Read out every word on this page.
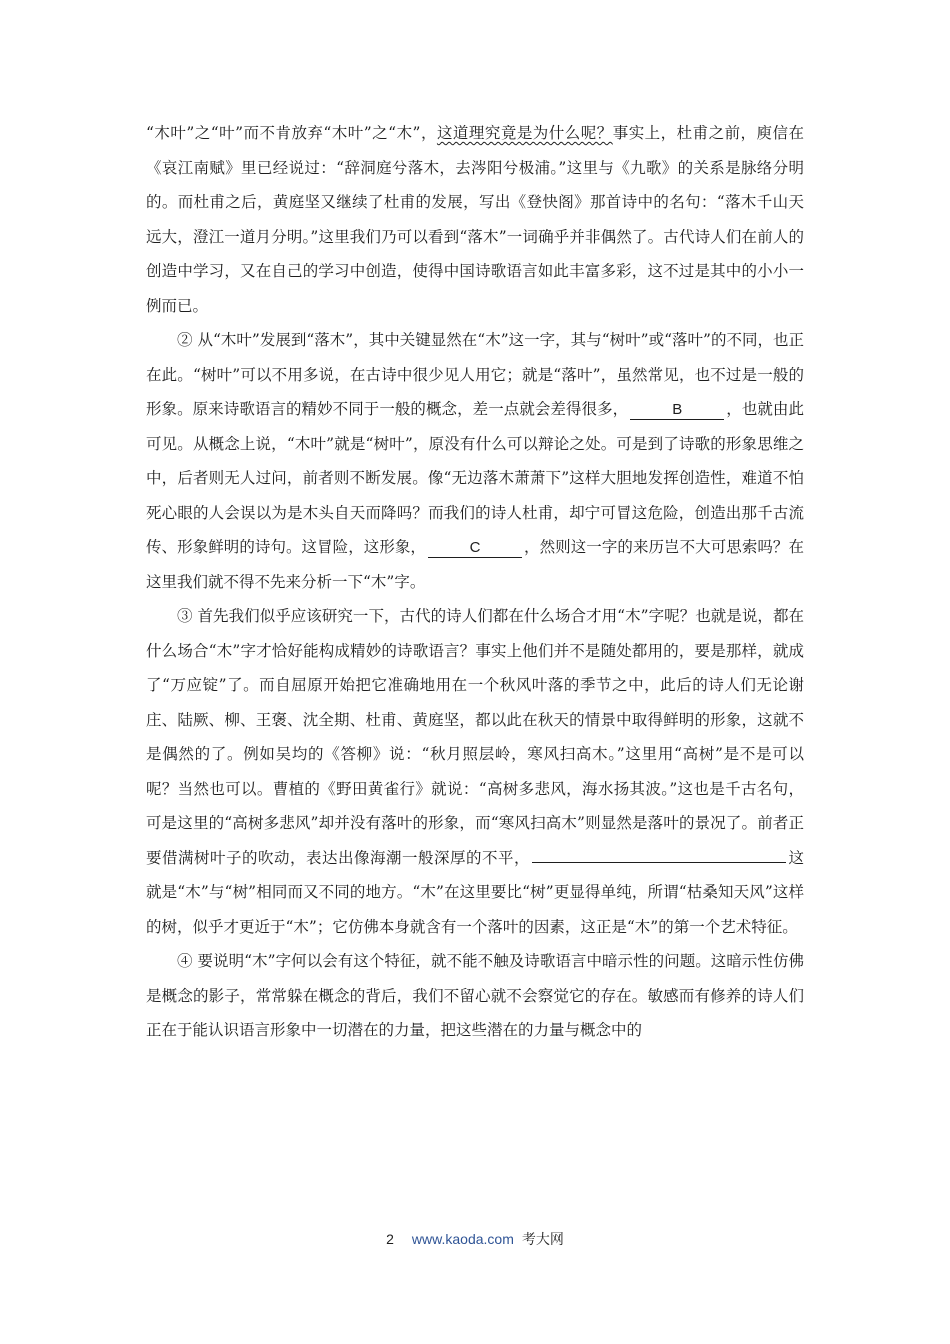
“木叶”之“叶”而不肯放弃“木叶”之“木”，这道理究竟是为什么呢？事实上，杜甫之前，庾信在《哀江南赋》里已经说过：“辞洞庭兮落木，去涔阳兮极浦。”这里与《九歌》的关系是脉络分明的。而杜甫之后，黄庭坚又继续了杜甫的发展，写出《登快阁》那首诗中的名句：“落木千山天远大，澄江一道月分明。”这里我们乃可以看到“落木”一词确乎并非偶然了。古代诗人们在前人的创造中学习，又在自己的学习中创造，使得中国诗歌语言如此丰富多彩，这不过是其中的小小一例而已。

② 从“木叶”发展到“落木”，其中关键显然在“木”这一字，其与“树叶”或“落叶”的不同，也正在此。“树叶”可以不用多说，在古诗中很少见人用它；就是“落叶”，虽然常见，也不过是一般的形象。原来诗歌语言的精妙不同于一般的概念，差一点就会差得很多，	B	，也就由此可见。从概念上说，“木叶”就是“树叶”，原没有什么可以辩论之处。可是到了诗歌的形象思维之中，后者则无人过问，前者则不断发展。像“无边落木萧萧下”这样大胆地发挥创造性，难道不怕死心眼的人会误以为是木头自天而降吗？而我们的诗人杜甫，却宁可冒这危险，创造出那千古流传、形象鲜明的诗句。这冒险，这形象，	C	，然则这一字的来历岂不大可思索吗？在这里我们就不得不先来分析一下“木”字。

③ 首先我们似乎应该研究一下，古代的诗人们都在什么场合才用“木”字呢？也就是说，都在什么场合“木”字才恰好能构成精妙的诗歌语言？事实上他们并不是随处都用的，要是那样，就成了“万应锭”了。而自屈原开始把它准确地用在一个秋风叶落的季节之中，此后的诗人们无论谢庄、陆厥、柳、王褒、沈全期、杜甫、黄庭坚，都以此在秋天的情景中取得鲜明的形象，这就不是偶然的了。例如吴均的《答柳》说：“秋月照层岭，寒风扫高木。”这里用“高树”是不是可以呢？当然也可以。曹植的《野田黄雀行》就说：“高树多悲风，海水扬其波。”这也是千古名句，可是这里的“高树多悲风”却并没有落叶的形象，而“寒风扫高木”则显然是落叶的景况了。前者正要借满树叶子的吹动，表达出像海潮一般深厚的不平，	这就是“木”与“树”相同而又不同的地方。“木”在这里要比“树”更显得单纯，所谓“枯桑知天风”这样的树，似乎才更近于“木”；它仿佛本身就含有一个落叶的因素，这正是“木”的第一个艺术特征。

④ 要说明“木”字何以会有这个特征，就不能不触及诗歌语言中暗示性的问题。这暗示性仿佛是概念的影子，常常躲在概念的背后，我们不留心就不会察觉它的存在。敏感而有修养的诗人们正在于能认识语言形象中一切潜在的力量，把这些潜在的力量与概念中的

2 www.kaoda.com 考大网
